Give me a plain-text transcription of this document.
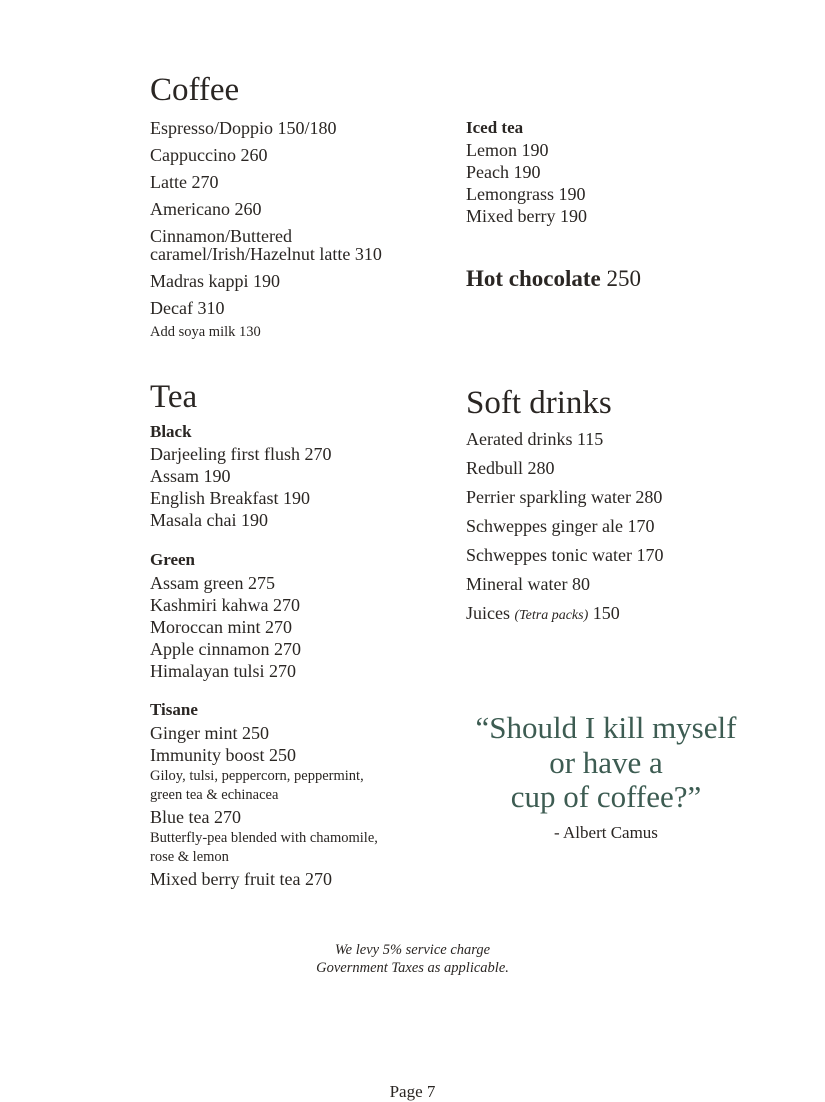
Coffee
Espresso/Doppio 150/180
Cappuccino 260
Latte 270
Americano 260
Cinnamon/Buttered
caramel/Irish/Hazelnut latte 310
Madras kappi 190
Decaf 310
Add soya milk 130
Tea
Black
Darjeeling first flush 270
Assam 190
English Breakfast 190
Masala chai 190
Green
Assam green 275
Kashmiri kahwa 270
Moroccan mint 270
Apple cinnamon 270
Himalayan tulsi 270
Tisane
Ginger mint 250
Immunity boost 250
Giloy, tulsi, peppercorn, peppermint,
green tea & echinacea
Blue tea 270
Butterfly-pea blended with chamomile,
rose & lemon
Mixed berry fruit tea 270
Iced tea
Lemon 190
Peach 190
Lemongrass 190
Mixed berry 190
Hot chocolate 250
Soft drinks
Aerated drinks 115
Redbull 280
Perrier sparkling water 280
Schweppes ginger ale 170
Schweppes tonic water 170
Mineral water 80
Juices (Tetra packs) 150
“Should I kill myself
or have a
cup of coffee?”
- Albert Camus
We levy 5% service charge
Government Taxes as applicable.
Page 7
